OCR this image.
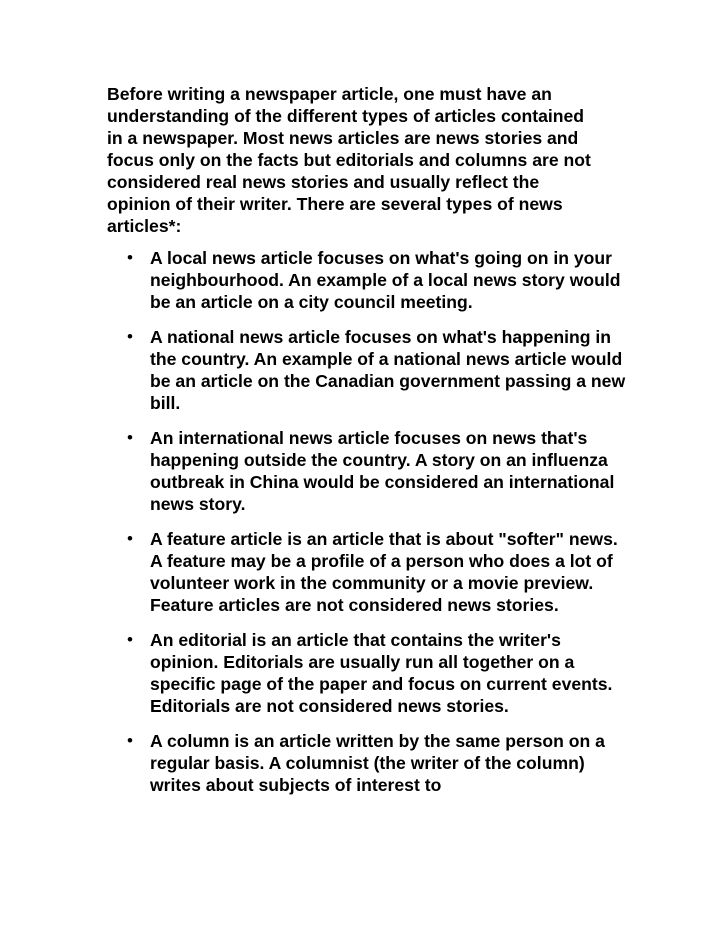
Before writing a newspaper article, one must have an understanding of the different types of articles contained in a newspaper. Most news articles are news stories and focus only on the facts but editorials and columns are not considered real news stories and usually reflect the opinion of their writer. There are several types of news articles*:

• A local news article focuses on what's going on in your neighbourhood. An example of a local news story would be an article on a city council meeting.
• A national news article focuses on what's happening in the country. An example of a national news article would be an article on the Canadian government passing a new bill.
• An international news article focuses on news that's happening outside the country. A story on an influenza outbreak in China would be considered an international news story.
• A feature article is an article that is about "softer" news. A feature may be a profile of a person who does a lot of volunteer work in the community or a movie preview. Feature articles are not considered news stories.
• An editorial is an article that contains the writer's opinion. Editorials are usually run all together on a specific page of the paper and focus on current events. Editorials are not considered news stories.
• A column is an article written by the same person on a regular basis. A columnist (the writer of the column) writes about subjects of interest to
